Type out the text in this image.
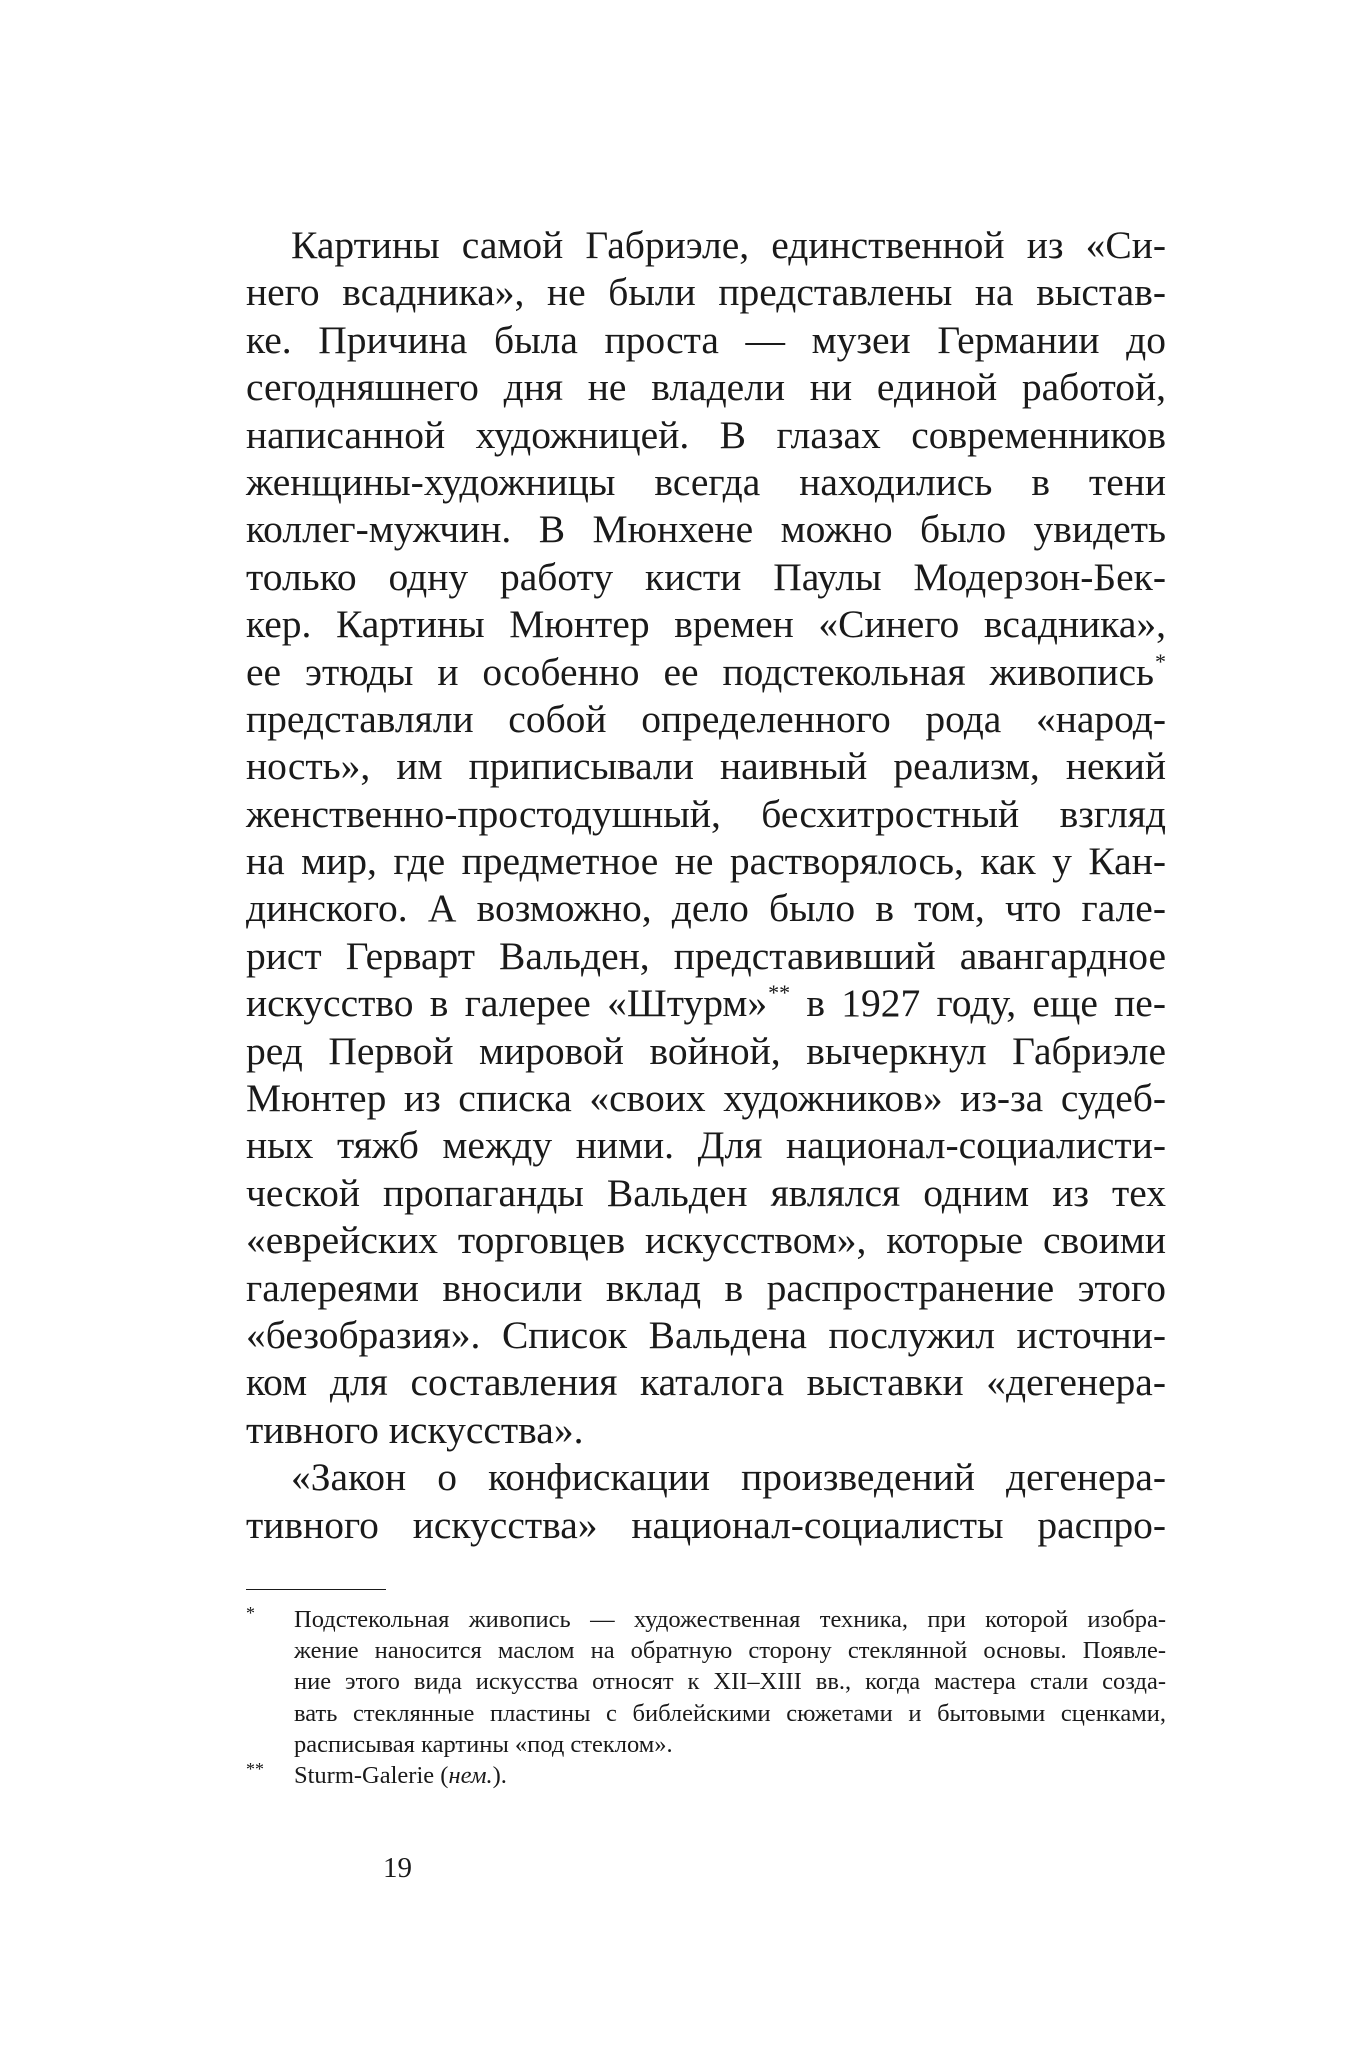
Картины самой Габриэле, единственной из «Си-
него всадника», не были представлены на выстав-
ке. Причина была проста — музеи Германии до
сегодняшнего дня не владели ни единой работой,
написанной художницей. В глазах современников
женщины-художницы всегда находились в тени
коллег-мужчин. В Мюнхене можно было увидеть
только одну работу кисти Паулы Модерзон-Бек-
кер. Картины Мюнтер времен «Синего всадника»,
ее этюды и особенно ее подстекольная живопись*
представляли собой определенного рода «народ-
ность», им приписывали наивный реализм, некий
женственно-простодушный, бесхитростный взгляд
на мир, где предметное не растворялось, как у Кан-
динского. А возможно, дело было в том, что гале-
рист Герварт Вальден, представивший авангардное
искусство в галерее «Штурм»** в 1927 году, еще пе-
ред Первой мировой войной, вычеркнул Габриэле
Мюнтер из списка «своих художников» из-за судеб-
ных тяжб между ними. Для национал-социалисти-
ческой пропаганды Вальден являлся одним из тех
«еврейских торговцев искусством», которые своими
галереями вносили вклад в распространение этого
«безобразия». Список Вальдена послужил источни-
ком для составления каталога выставки «дегенера-
тивного искусства».
«Закон о конфискации произведений дегенера-
тивного искусства» национал-социалисты распро-
* Подстекольная живопись — художественная техника, при которой изобра-
жение наносится маслом на обратную сторону стеклянной основы. Появле-
ние этого вида искусства относят к XII–XIII вв., когда мастера стали созда-
вать стеклянные пластины с библейскими сюжетами и бытовыми сценками,
расписывая картины «под стеклом».
** Sturm-Galerie (нем.).
19
